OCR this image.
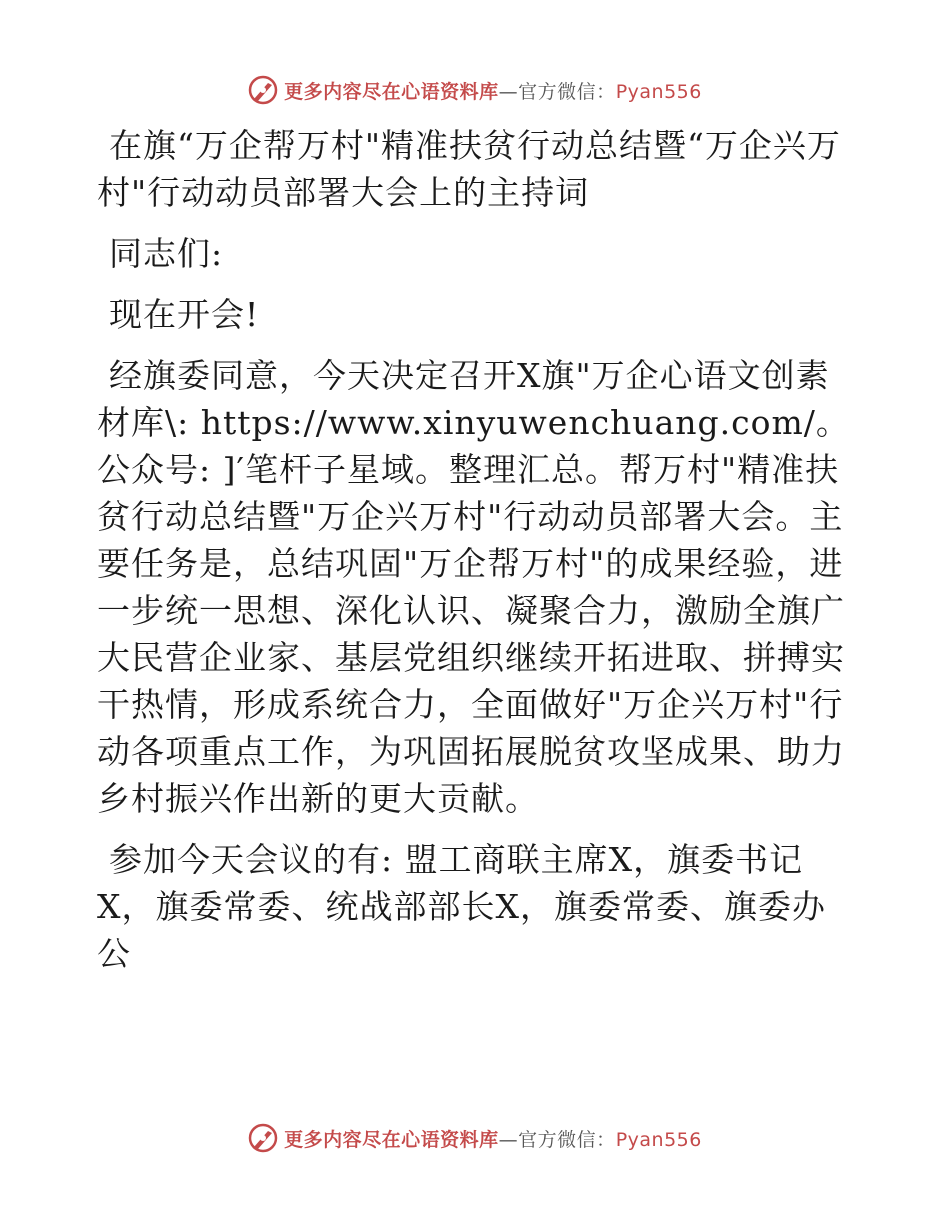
更多内容尽在心语资料库—官方微信：Pyan556

在旗“万企帮万村"精准扶贫行动总结暨“万企兴万村"行动动员部署大会上的主持词

同志们:

现在开会!

经旗委同意，今天决定召开X旗"万企心语文创素材库\: https://www.xinyuwenchuang.com/。公众号: ]′笔杆子星域。整理汇总。帮万村"精准扶贫行动总结暨"万企兴万村"行动动员部署大会。主要任务是，总结巩固"万企帮万村"的成果经验，进一步统一思想、深化认识、凝聚合力，激励全旗广大民营企业家、基层党组织继续开拓进取、拼搏实干热情，形成系统合力，全面做好"万企兴万村"行动各项重点工作，为巩固拓展脱贫攻坚成果、助力乡村振兴作出新的更大贡献。

参加今天会议的有: 盟工商联主席X，旗委书记X，旗委常委、统战部部长X，旗委常委、旗委办公

更多内容尽在心语资料库—官方微信：Pyan556
